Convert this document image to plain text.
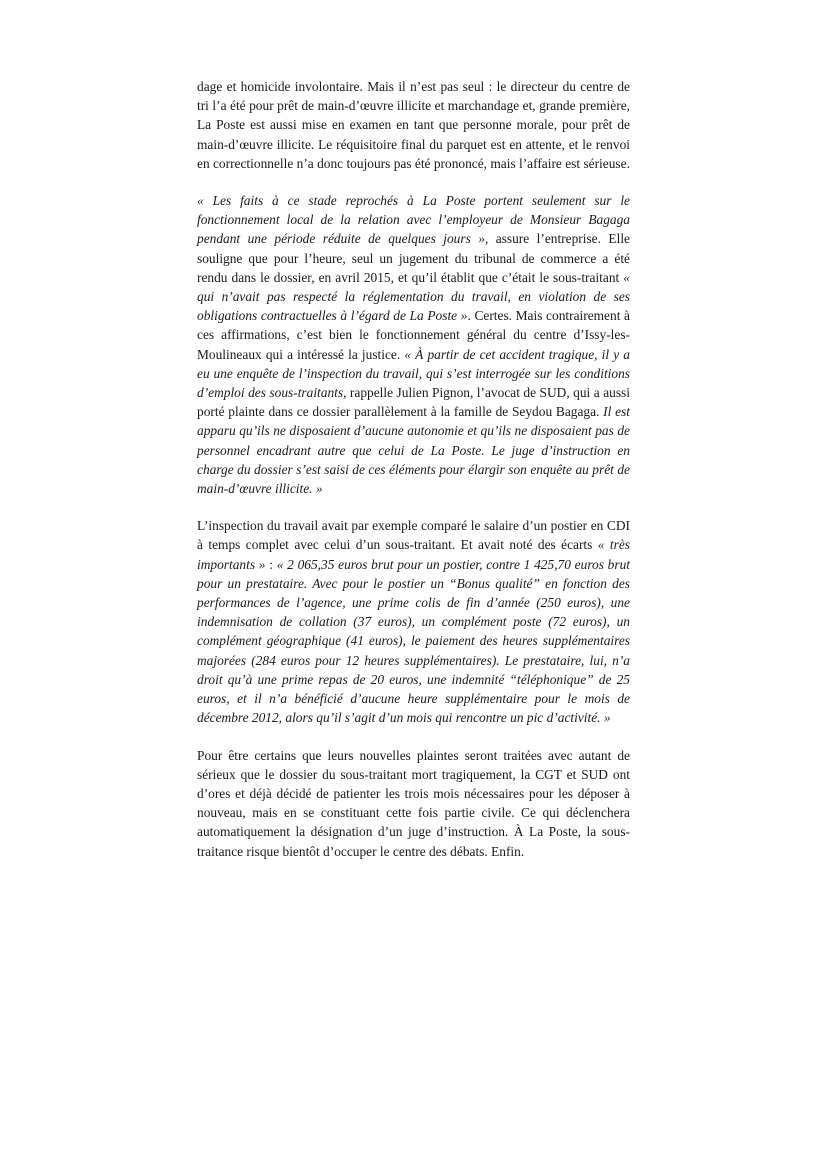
dage et homicide involontaire. Mais il n’est pas seul : le directeur du centre de tri l’a été pour prêt de main-d’œuvre illicite et marchandage et, grande première, La Poste est aussi mise en examen en tant que personne morale, pour prêt de main-d’œuvre illicite. Le réquisitoire final du parquet est en attente, et le renvoi en correctionnelle n’a donc toujours pas été prononcé, mais l’affaire est sérieuse.

« Les faits à ce stade reprochés à La Poste portent seulement sur le fonctionnement local de la relation avec l’employeur de Monsieur Bagaga pendant une période réduite de quelques jours », assure l’entreprise. Elle souligne que pour l’heure, seul un jugement du tribunal de commerce a été rendu dans le dossier, en avril 2015, et qu’il établit que c’était le sous-traitant « qui n’avait pas respecté la réglementation du travail, en violation de ses obligations contractuelles à l’égard de La Poste ». Certes. Mais contrairement à ces affirmations, c’est bien le fonctionnement général du centre d’Issy-les-Moulineaux qui a intéressé la justice. « À partir de cet accident tragique, il y a eu une enquête de l’inspection du travail, qui s’est interrogée sur les conditions d’emploi des sous-traitants, rappelle Julien Pignon, l’avocat de SUD, qui a aussi porté plainte dans ce dossier parallèlement à la famille de Seydou Bagaga. Il est apparu qu’ils ne disposaient d’aucune autonomie et qu’ils ne disposaient pas de personnel encadrant autre que celui de La Poste. Le juge d’instruction en charge du dossier s’est saisi de ces éléments pour élargir son enquête au prêt de main-d’œuvre illicite. »

L’inspection du travail avait par exemple comparé le salaire d’un postier en CDI à temps complet avec celui d’un sous-traitant. Et avait noté des écarts « très importants » : « 2 065,35 euros brut pour un postier, contre 1 425,70 euros brut pour un prestataire. Avec pour le postier un “Bonus qualité” en fonction des performances de l’agence, une prime colis de fin d’année (250 euros), une indemnisation de collation (37 euros), un complément poste (72 euros), un complément géographique (41 euros), le paiement des heures supplémentaires majorées (284 euros pour 12 heures supplémentaires). Le prestataire, lui, n’a droit qu’à une prime repas de 20 euros, une indemnité “téléphonique” de 25 euros, et il n’a bénéficié d’aucune heure supplémentaire pour le mois de décembre 2012, alors qu’il s’agit d’un mois qui rencontre un pic d’activité. »

Pour être certains que leurs nouvelles plaintes seront traitées avec autant de sérieux que le dossier du sous-traitant mort tragiquement, la CGT et SUD ont d’ores et déjà décidé de patienter les trois mois nécessaires pour les déposer à nouveau, mais en se constituant cette fois partie civile. Ce qui déclenchera automatiquement la désignation d’un juge d’instruction. À La Poste, la sous-traitance risque bientôt d’occuper le centre des débats. Enfin.
